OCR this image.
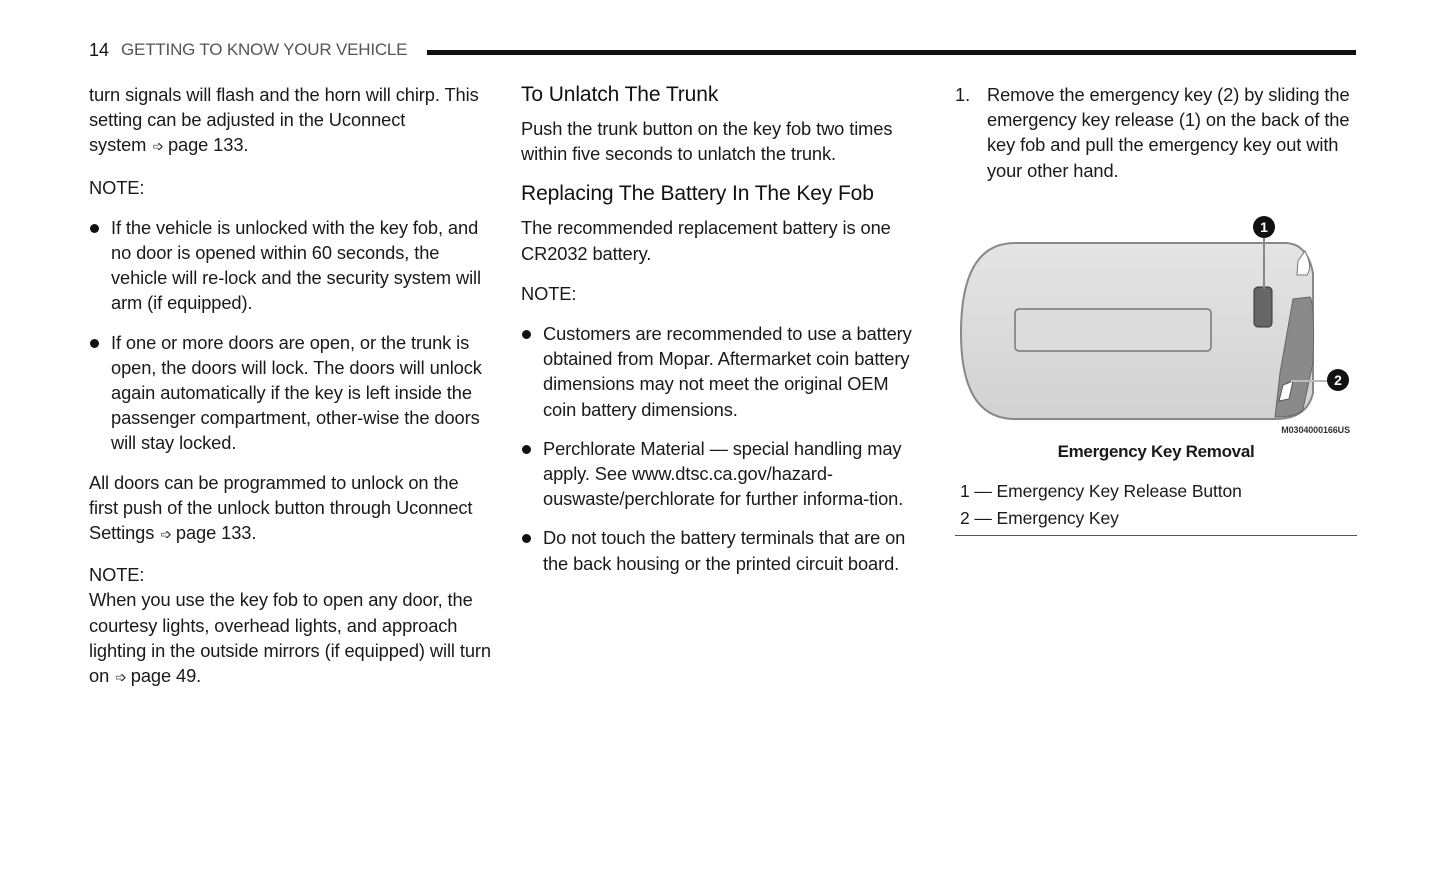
14 GETTING TO KNOW YOUR VEHICLE

turn signals will flash and the horn will chirp. This setting can be adjusted in the Uconnect system ➩ page 133.

NOTE:
If the vehicle is unlocked with the key fob, and no door is opened within 60 seconds, the vehicle will re-lock and the security system will arm (if equipped).
If one or more doors are open, or the trunk is open, the doors will lock. The doors will unlock again automatically if the key is left inside the passenger compartment, other-wise the doors will stay locked.

All doors can be programmed to unlock on the first push of the unlock button through Uconnect Settings ➩ page 133.

NOTE:

When you use the key fob to open any door, the courtesy lights, overhead lights, and approach lighting in the outside mirrors (if equipped) will turn on ➩ page 49.

To Unlatch The Trunk

Push the trunk button on the key fob two times within five seconds to unlatch the trunk.

Replacing The Battery In The Key Fob

The recommended replacement battery is one CR2032 battery.

NOTE:
Customers are recommended to use a battery obtained from Mopar. Aftermarket coin battery dimensions may not meet the original OEM coin battery dimensions.
Perchlorate Material — special handling may apply. See www.dtsc.ca.gov/hazard-ouswaste/perchlorate for further informa-tion.
Do not touch the battery terminals that are on the back housing or the printed circuit board.
1. Remove the emergency key (2) by sliding the emergency key release (1) on the back of the key fob and pull the emergency key out with your other hand.
1
2
M0304000166US
Emergency Key Removal
1 — Emergency Key Release Button
2 — Emergency Key
